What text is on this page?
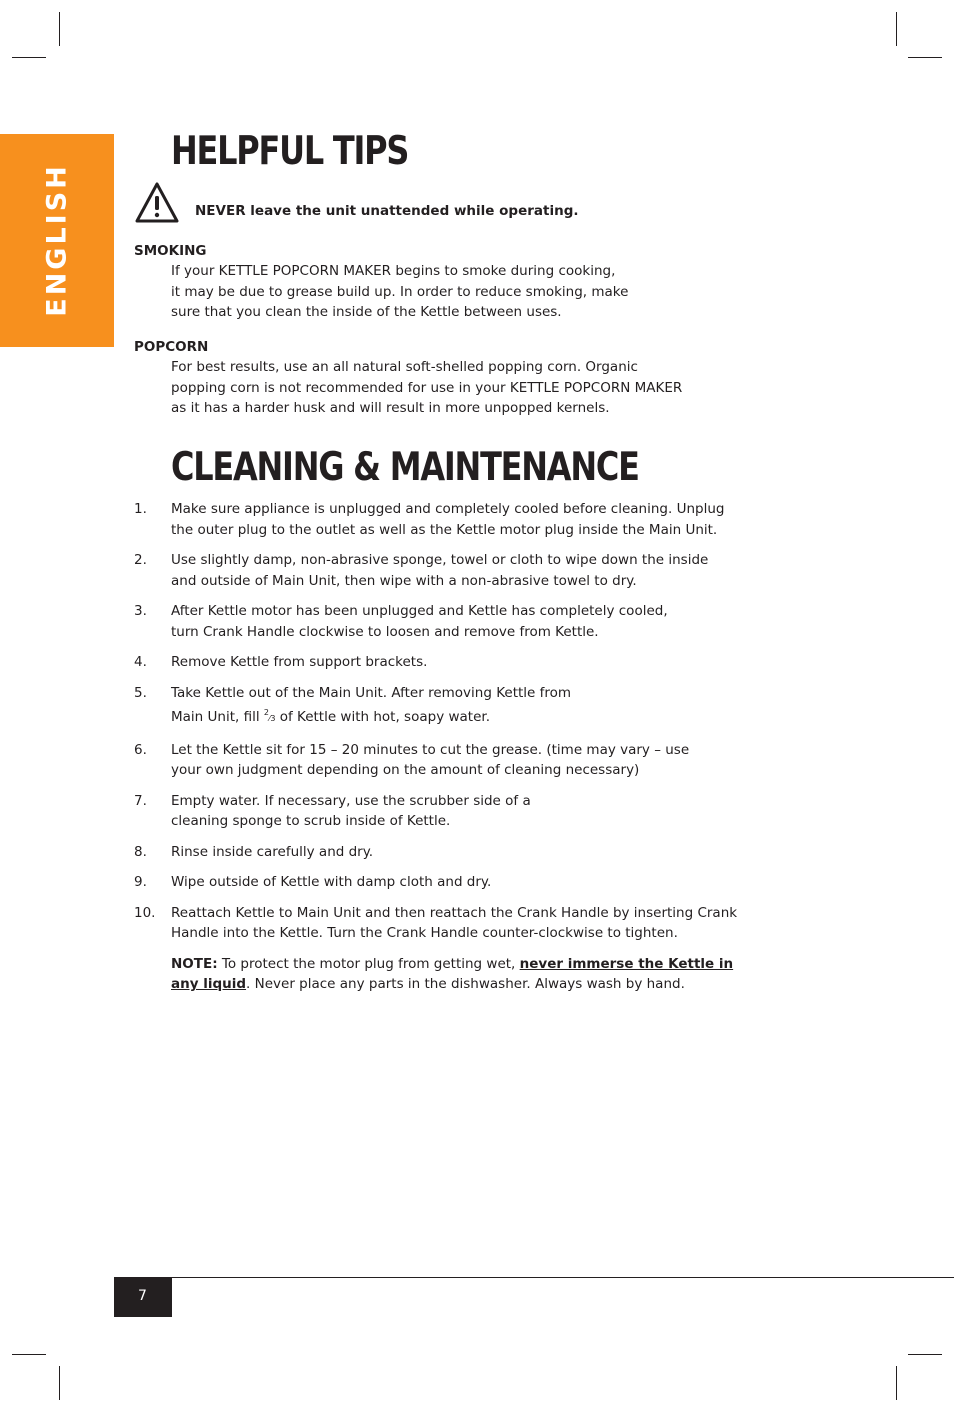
ENGLISH
HELPFUL TIPS
NEVER leave the unit unattended while operating.
SMOKING

If your KETTLE POPCORN MAKER begins to smoke during cooking,
it may be due to grease build up. In order to reduce smoking, make
sure that you clean the inside of the Kettle between uses.

POPCORN

For best results, use an all natural soft-shelled popping corn. Organic
popping corn is not recommended for use in your KETTLE POPCORN MAKER
as it has a harder husk and will result in more unpopped kernels.

CLEANING & MAINTENANCE
1.	Make sure appliance is unplugged and completely cooled before cleaning. Unplug
the outer plug to the outlet as well as the Kettle motor plug inside the Main Unit.
2.	Use slightly damp, non-abrasive sponge, towel or cloth to wipe down the inside
and outside of Main Unit, then wipe with a non-abrasive towel to dry.
3.	After Kettle motor has been unplugged and Kettle has completely cooled,
turn Crank Handle clockwise to loosen and remove from Kettle.
4.	Remove Kettle from support brackets.
5.	Take Kettle out of the Main Unit. After removing Kettle from
Main Unit, fill $^2$⁄3 of Kettle with hot, soapy water.
6.	Let the Kettle sit for 15 – 20 minutes to cut the grease. (time may vary – use
your own judgment depending on the amount of cleaning necessary)
7.	Empty water. If necessary, use the scrubber side of a
cleaning sponge to scrub inside of Kettle.
8.	Rinse inside carefully and dry.
9.	Wipe outside of Kettle with damp cloth and dry.
10.	Reattach Kettle to Main Unit and then reattach the Crank Handle by inserting Crank
Handle into the Kettle. Turn the Crank Handle counter-clockwise to tighten.
NOTE: To protect the motor plug from getting wet, never immerse the Kettle in
any liquid. Never place any parts in the dishwasher. Always wash by hand.
7
